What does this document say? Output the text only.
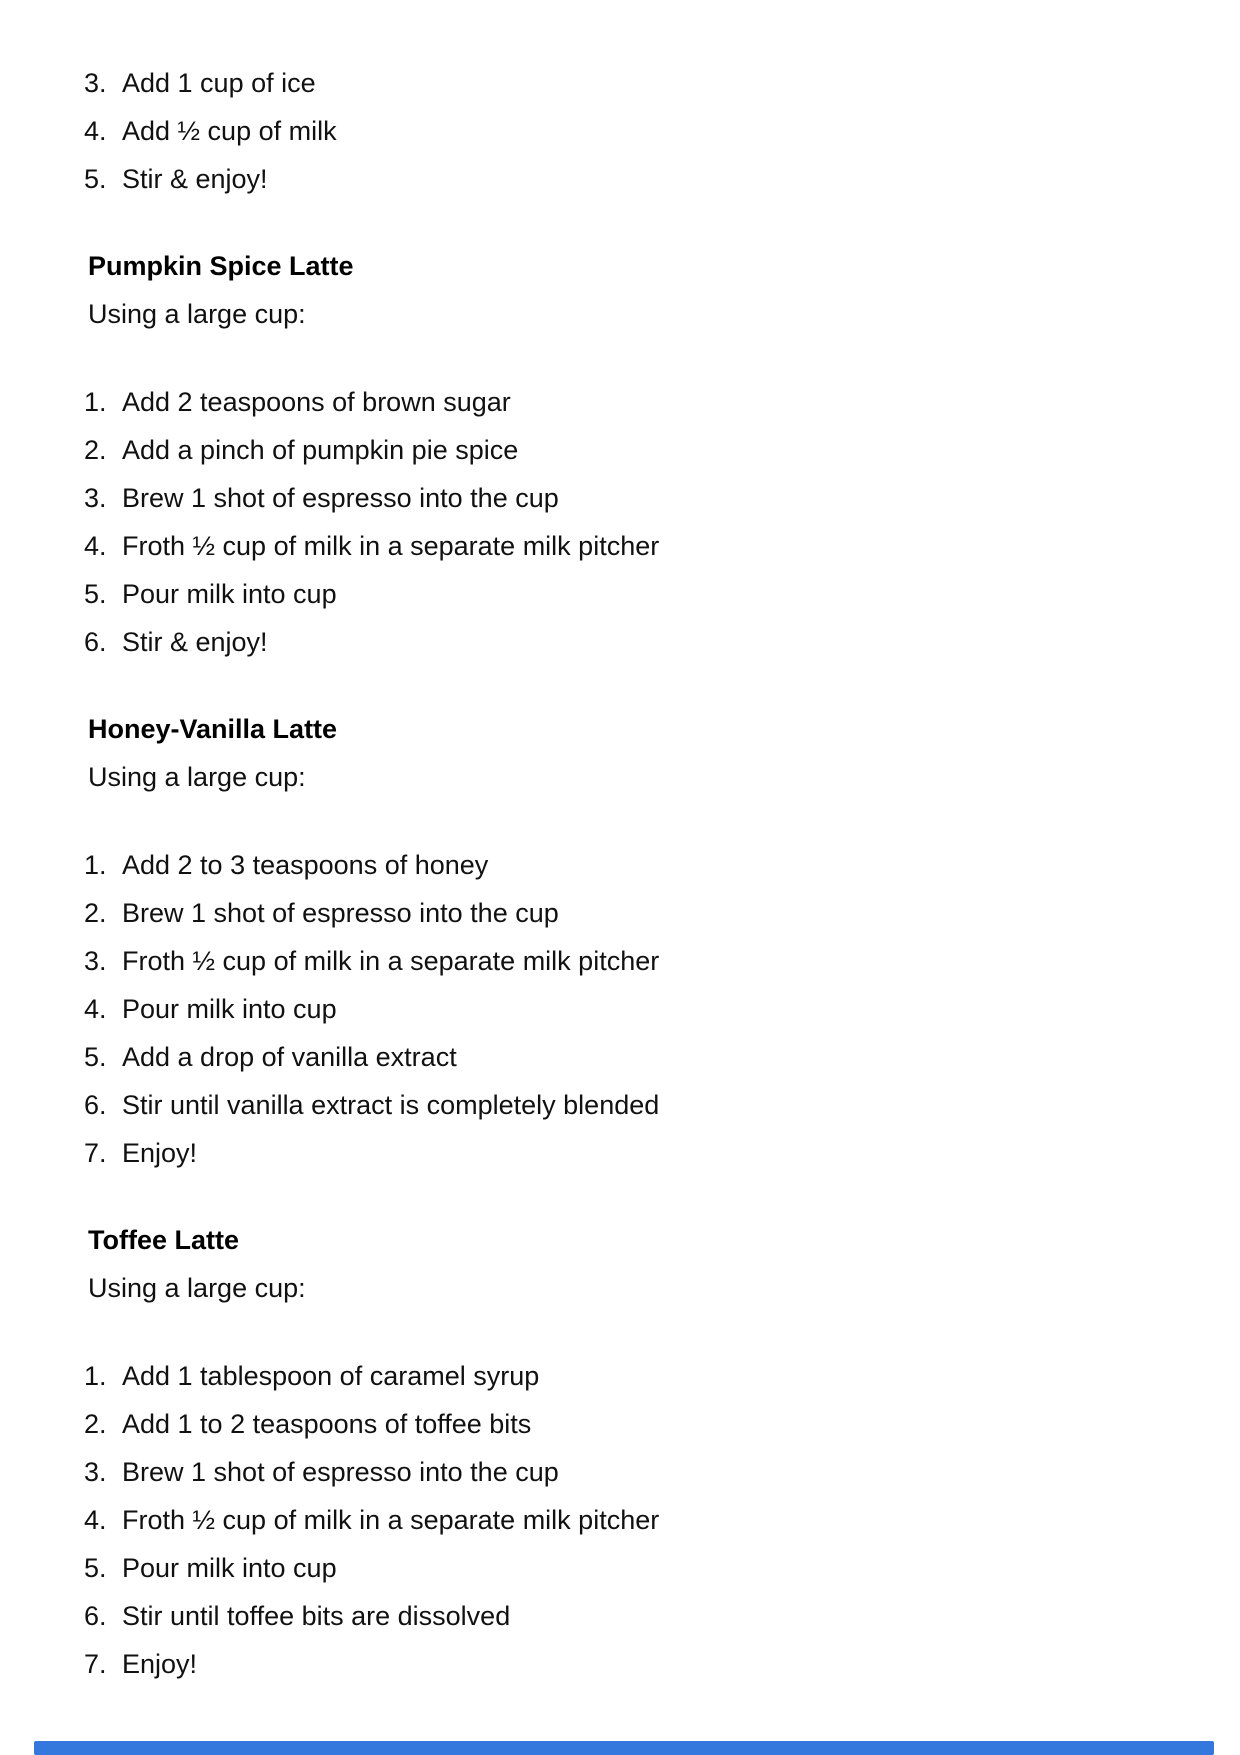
3. Add 1 cup of ice
4. Add ½ cup of milk
5. Stir & enjoy!
Pumpkin Spice Latte

Using a large cup:

1. Add 2 teaspoons of brown sugar
2. Add a pinch of pumpkin pie spice
3. Brew 1 shot of espresso into the cup
4. Froth ½ cup of milk in a separate milk pitcher
5. Pour milk into cup
6. Stir & enjoy!
Honey-Vanilla Latte

Using a large cup:

1. Add 2 to 3 teaspoons of honey
2. Brew 1 shot of espresso into the cup
3. Froth ½ cup of milk in a separate milk pitcher
4. Pour milk into cup
5. Add a drop of vanilla extract
6. Stir until vanilla extract is completely blended
7. Enjoy!
Toffee Latte

Using a large cup:

1. Add 1 tablespoon of caramel syrup
2. Add 1 to 2 teaspoons of toffee bits
3. Brew 1 shot of espresso into the cup
4. Froth ½ cup of milk in a separate milk pitcher
5. Pour milk into cup
6. Stir until toffee bits are dissolved
7. Enjoy!
